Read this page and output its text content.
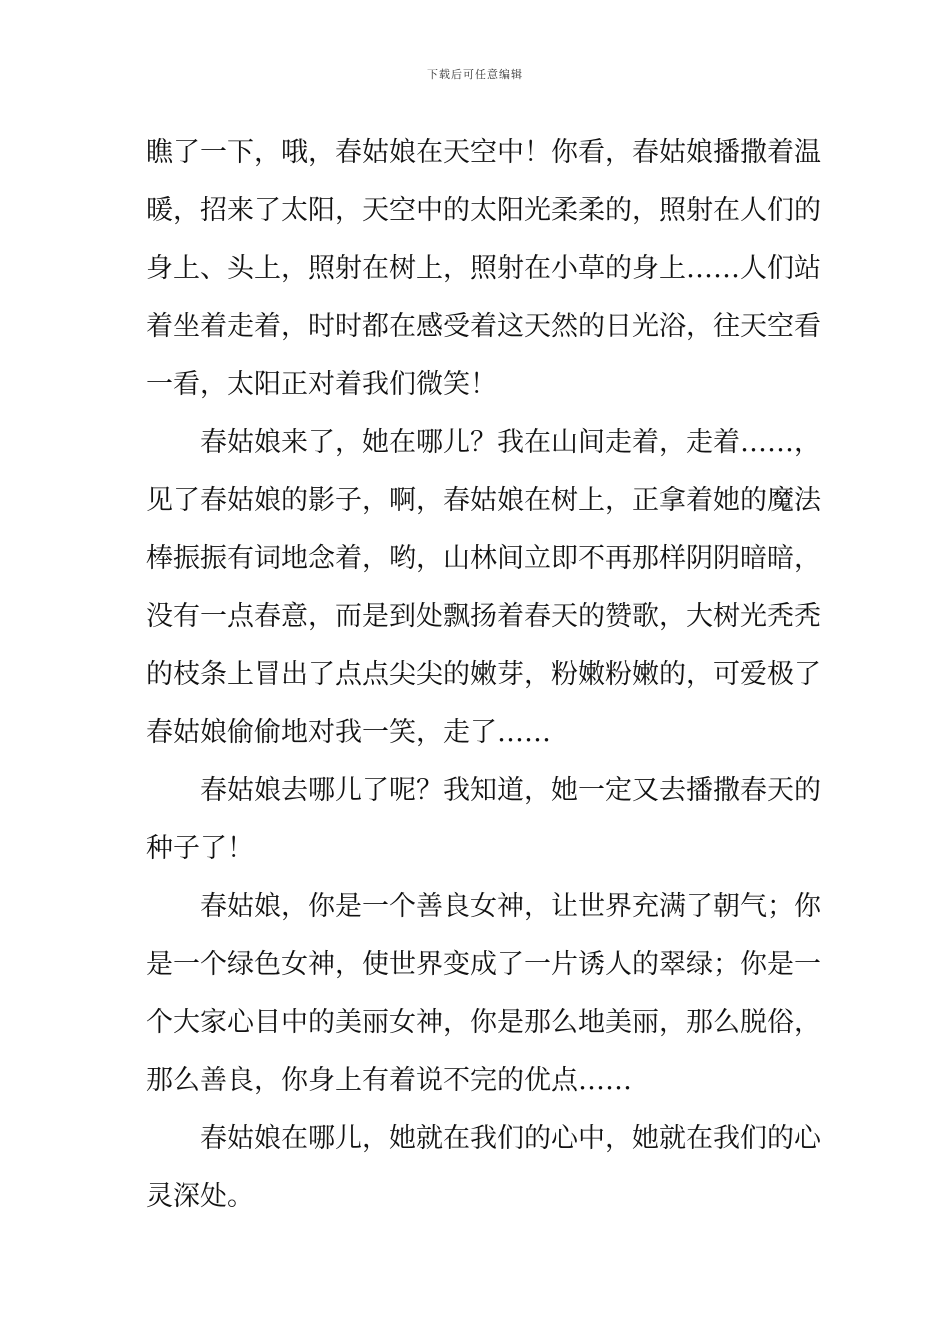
下载后可任意编辑
瞧了一下，哦，春姑娘在天空中！你看，春姑娘播撒着温
暖，招来了太阳，天空中的太阳光柔柔的，照射在人们的
身上、头上，照射在树上，照射在小草的身上……人们站
着坐着走着，时时都在感受着这天然的日光浴，往天空看
一看，太阳正对着我们微笑！
春姑娘来了，她在哪儿？我在山间走着，走着……，
见了春姑娘的影子，啊，春姑娘在树上，正拿着她的魔法
棒振振有词地念着，哟，山林间立即不再那样阴阴暗暗，
没有一点春意，而是到处飘扬着春天的赞歌，大树光秃秃
的枝条上冒出了点点尖尖的嫩芽，粉嫩粉嫩的，可爱极了
春姑娘偷偷地对我一笑，走了……
春姑娘去哪儿了呢？我知道，她一定又去播撒春天的
种子了！
春姑娘，你是一个善良女神，让世界充满了朝气；你
是一个绿色女神，使世界变成了一片诱人的翠绿；你是一
个大家心目中的美丽女神，你是那么地美丽，那么脱俗，
那么善良，你身上有着说不完的优点……
春姑娘在哪儿，她就在我们的心中，她就在我们的心
灵深处。
